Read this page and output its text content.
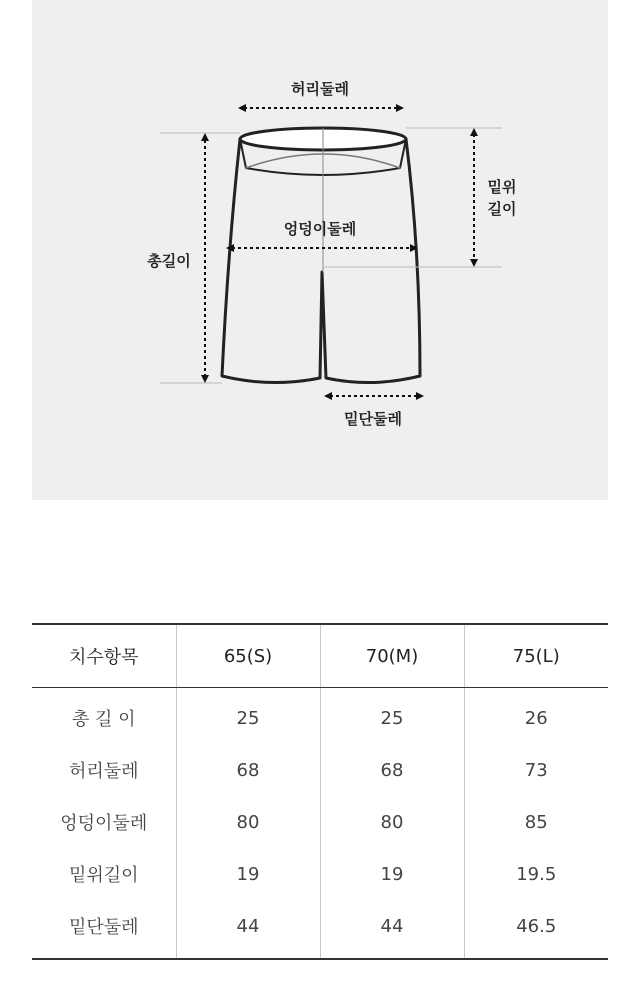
허리둘레
엉덩이둘레
총길이
밑위
길이
밑단둘레
치수항목	65(S)	70(M)	75(L)
총 길 이	25	25	26
허리둘레	68	68	73
엉덩이둘레	80	80	85
밑위길이	19	19	19.5
밑단둘레	44	44	46.5
